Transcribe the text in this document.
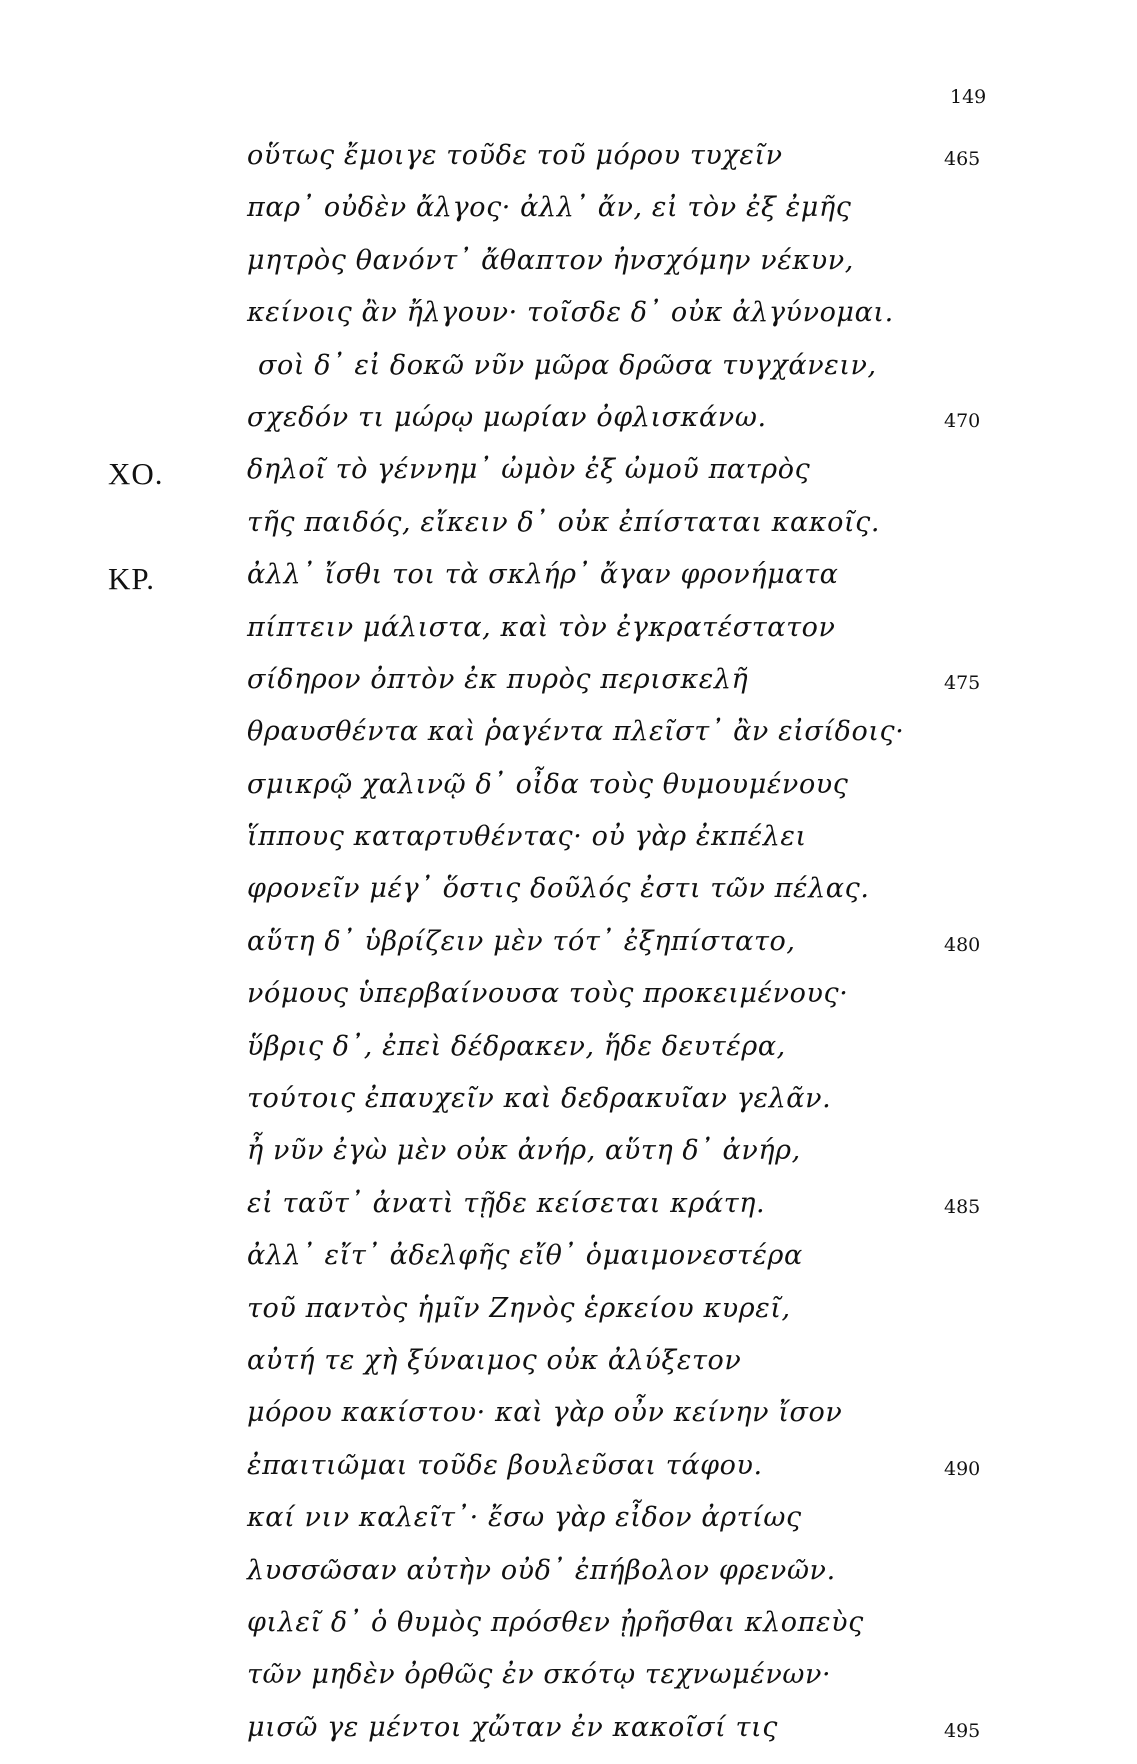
149
οὕτως ἔμοιγε τοῦδε τοῦ μόρου τυχεῖν	465
παρ᾽ οὐδὲν ἄλγος· ἀλλ᾽ ἄν, εἰ τὸν ἐξ ἐμῆς
μητρὸς θανόντ᾽ ἄθαπτον ἠνσχόμην νέκυν,
κείνοις ἂν ἤλγουν· τοῖσδε δ᾽ οὐκ ἀλγύνομαι.
σοὶ δ᾽ εἰ δοκῶ νῦν μῶρα δρῶσα τυγχάνειν,
σχεδόν τι μώρῳ μωρίαν ὀφλισκάνω.	470
ΧΟ.	δηλοῖ τὸ γέννημ᾽ ὠμὸν ἐξ ὠμοῦ πατρὸς
τῆς παιδός, εἴκειν δ᾽ οὐκ ἐπίσταται κακοῖς.
ΚΡ.	ἀλλ᾽ ἴσθι τοι τὰ σκλήρ᾽ ἄγαν φρονήματα
πίπτειν μάλιστα, καὶ τὸν ἐγκρατέστατον
σίδηρον ὀπτὸν ἐκ πυρὸς περισκελῆ	475
θραυσθέντα καὶ ῥαγέντα πλεῖστ᾽ ἂν εἰσίδοις·
σμικρῷ χαλινῷ δ᾽ οἶδα τοὺς θυμουμένους
ἵππους καταρτυθέντας· οὐ γὰρ ἐκπέλει
φρονεῖν μέγ᾽ ὅστις δοῦλός ἐστι τῶν πέλας.
αὕτη δ᾽ ὑβρίζειν μὲν τότ᾽ ἐξηπίστατο,	480
νόμους ὑπερβαίνουσα τοὺς προκειμένους·
ὕβρις δ᾽, ἐπεὶ δέδρακεν, ἥδε δευτέρα,
τούτοις ἐπαυχεῖν καὶ δεδρακυῖαν γελᾶν.
ἦ νῦν ἐγὼ μὲν οὐκ ἀνήρ, αὕτη δ᾽ ἀνήρ,
εἰ ταῦτ᾽ ἀνατὶ τῇδε κείσεται κράτη.	485
ἀλλ᾽ εἴτ᾽ ἀδελφῆς εἴθ᾽ ὁμαιμονεστέρα
τοῦ παντὸς ἡμῖν Ζηνὸς ἑρκείου κυρεῖ,
αὐτή τε χὴ ξύναιμος οὐκ ἀλύξετον
μόρου κακίστου· καὶ γὰρ οὖν κείνην ἴσον
ἐπαιτιῶμαι τοῦδε βουλεῦσαι τάφου.	490
καί νιν καλεῖτ᾽· ἔσω γὰρ εἶδον ἀρτίως
λυσσῶσαν αὐτὴν οὐδ᾽ ἐπήβολον φρενῶν.
φιλεῖ δ᾽ ὁ θυμὸς πρόσθεν ᾐρῆσθαι κλοπεὺς
τῶν μηδὲν ὀρθῶς ἐν σκότῳ τεχνωμένων·
μισῶ γε μέντοι χὤταν ἐν κακοῖσί τις	495
